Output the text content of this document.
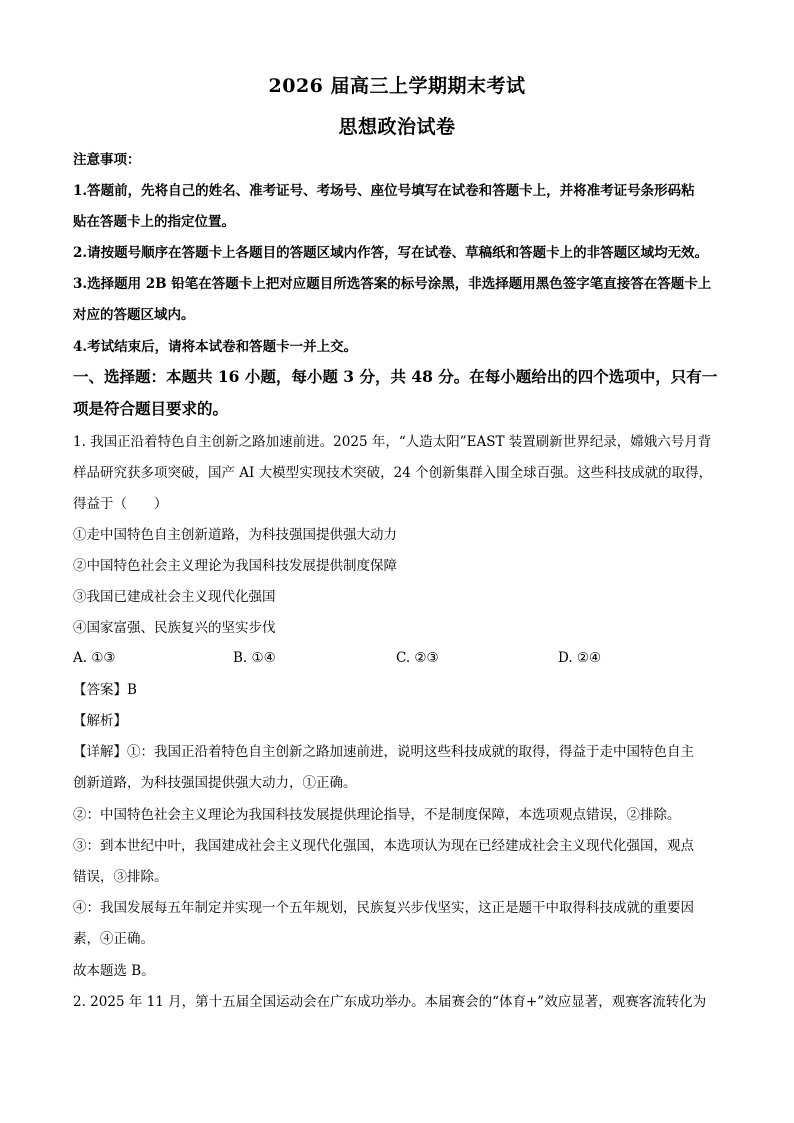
2026 届高三上学期期末考试
思想政治试卷
注意事项：
1.答题前，先将自己的姓名、准考证号、考场号、座位号填写在试卷和答题卡上，并将准考证号条形码粘
贴在答题卡上的指定位置。
2.请按题号顺序在答题卡上各题目的答题区域内作答，写在试卷、草稿纸和答题卡上的非答题区域均无效。
3.选择题用 2B 铅笔在答题卡上把对应题目所选答案的标号涂黑，非选择题用黑色签字笔直接答在答题卡上
对应的答题区域内。
4.考试结束后，请将本试卷和答题卡一并上交。
一、选择题：本题共 16 小题，每小题 3 分，共 48 分。在每小题给出的四个选项中，只有一
项是符合题目要求的。
1. 我国正沿着特色自主创新之路加速前进。2025 年，“人造太阳”EAST 装置刷新世界纪录，嫦娥六号月背
样品研究获多项突破，国产 AI 大模型实现技术突破，24 个创新集群入围全球百强。这些科技成就的取得，
得益于（　　）
①走中国特色自主创新道路，为科技强国提供强大动力
②中国特色社会主义理论为我国科技发展提供制度保障
③我国已建成社会主义现代化强国
④国家富强、民族复兴的坚实步伐
A. ①③	B. ①④	C. ②③	D. ②④
【答案】B
【解析】
【详解】①：我国正沿着特色自主创新之路加速前进，说明这些科技成就的取得，得益于走中国特色自主
创新道路，为科技强国提供强大动力，①正确。
②：中国特色社会主义理论为我国科技发展提供理论指导，不是制度保障，本选项观点错误，②排除。
③：到本世纪中叶，我国建成社会主义现代化强国，本选项认为现在已经建成社会主义现代化强国，观点
错误，③排除。
④：我国发展每五年制定并实现一个五年规划，民族复兴步伐坚实，这正是题干中取得科技成就的重要因
素，④正确。
故本题选 B。
2. 2025 年 11 月，第十五届全国运动会在广东成功举办。本届赛会的“体育+”效应显著，观赛客流转化为
